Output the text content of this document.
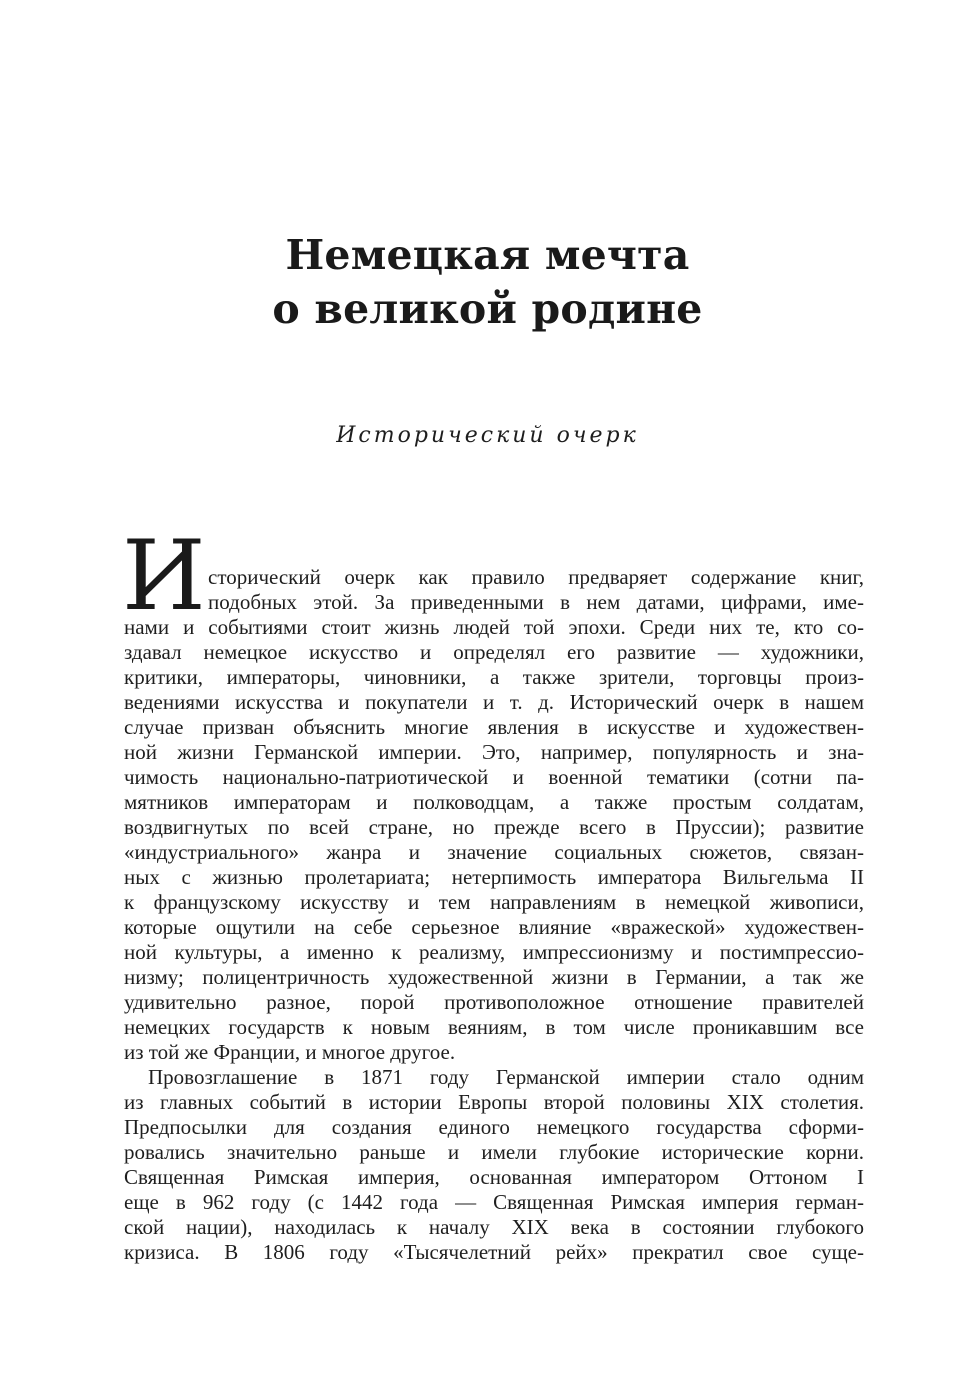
Немецкая мечта
о великой родине

Исторический очерк

И сторический очерк как правило предваряет содержание книг,
подобных этой. За приведенными в нем датами, цифрами, име-
нами и событиями стоит жизнь людей той эпохи. Среди них те, кто со-
здавал немецкое искусство и определял его развитие — художники,
критики, императоры, чиновники, а также зрители, торговцы произ-
ведениями искусства и покупатели и т. д. Исторический очерк в нашем
случае призван объяснить многие явления в искусстве и художествен-
ной жизни Германской империи. Это, например, популярность и зна-
чимость национально-патриотической и военной тематики (сотни па-
мятников императорам и полководцам, а также простым солдатам,
воздвигнутых по всей стране, но прежде всего в Пруссии); развитие
«индустриального» жанра и значение социальных сюжетов, связан-
ных с жизнью пролетариата; нетерпимость императора Вильгельма II
к французскому искусству и тем направлениям в немецкой живописи,
которые ощутили на себе серьезное влияние «вражеской» художествен-
ной культуры, а именно к реализму, импрессионизму и постимпрессио-
низму; полицентричность художественной жизни в Германии, а так же
удивительно разное, порой противоположное отношение правителей
немецких государств к новым веяниям, в том числе проникавшим все
из той же Франции, и многое другое.
Провозглашение в 1871 году Германской империи стало одним
из главных событий в истории Европы второй половины XIX столетия.
Предпосылки для создания единого немецкого государства сформи-
ровались значительно раньше и имели глубокие исторические корни.
Священная Римская империя, основанная императором Оттоном I
еще в 962 году (с 1442 года — Священная Римская империя герман-
ской нации), находилась к началу XIX века в состоянии глубокого
кризиса. В 1806 году «Тысячелетний рейх» прекратил свое суще-
